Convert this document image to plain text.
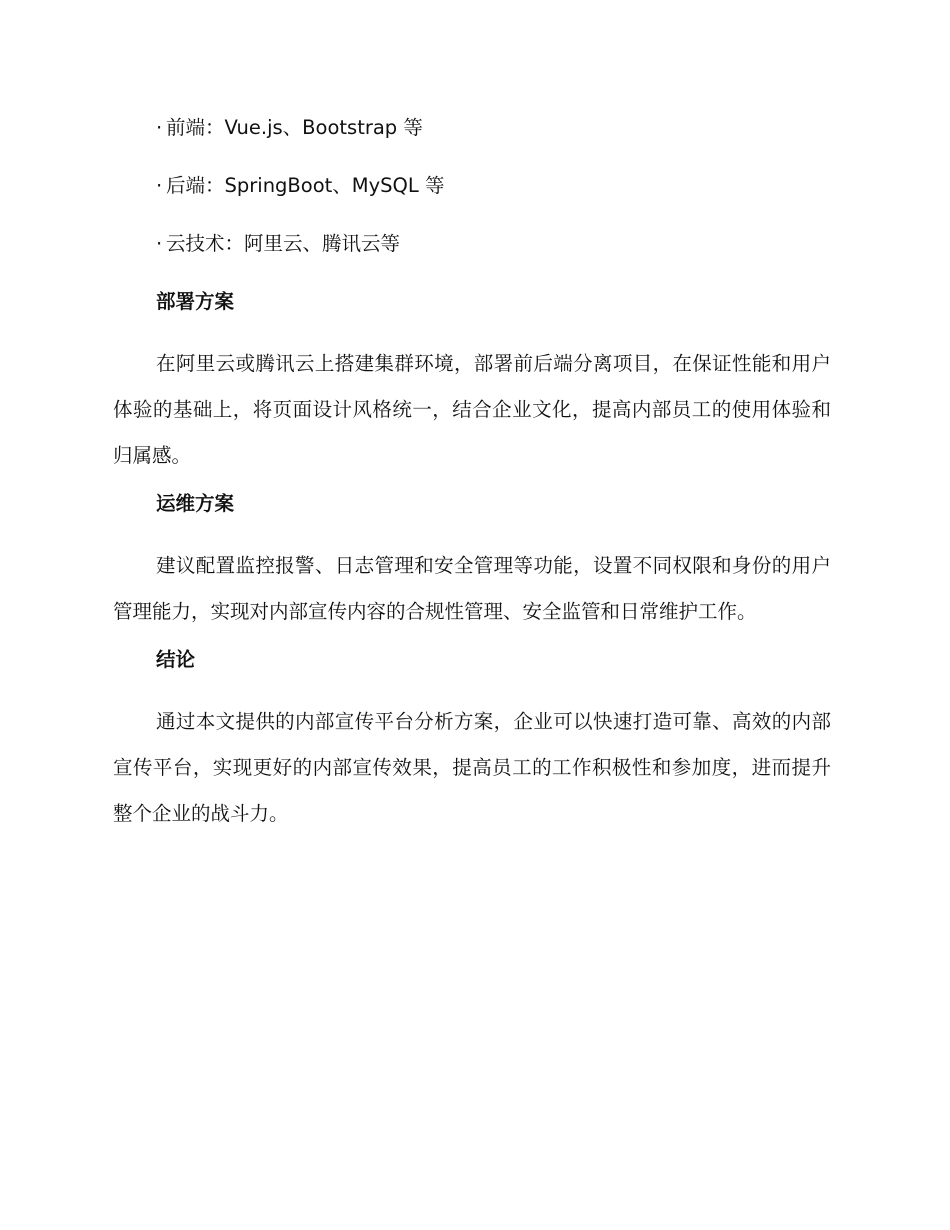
· 前端：Vue.js、Bootstrap 等
· 后端：SpringBoot、MySQL 等
· 云技术：阿里云、腾讯云等
部署方案

在阿里云或腾讯云上搭建集群环境，部署前后端分离项目，在保证性能和用户体验的基础上，将页面设计风格统一，结合企业文化，提高内部员工的使用体验和归属感。

运维方案

建议配置监控报警、日志管理和安全管理等功能，设置不同权限和身份的用户管理能力，实现对内部宣传内容的合规性管理、安全监管和日常维护工作。

结论

通过本文提供的内部宣传平台分析方案，企业可以快速打造可靠、高效的内部宣传平台，实现更好的内部宣传效果，提高员工的工作积极性和参加度，进而提升整个企业的战斗力。
